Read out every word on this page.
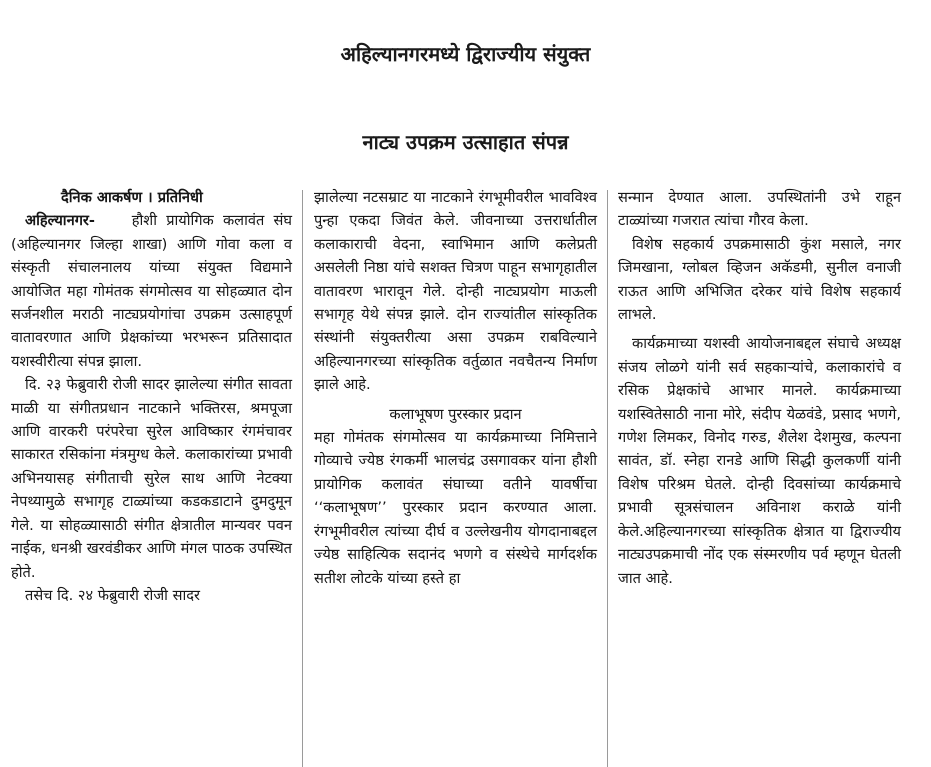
अहिल्यानगरमध्ये द्विराज्यीय संयुक्त
नाट्य उपक्रम उत्साहात संपन्न

दैनिक आकर्षण । प्रतिनिधी

अहिल्यानगर-	हौशी प्रायोगिक कलावंत संघ (अहिल्यानगर जिल्हा शाखा) आणि गोवा कला व संस्कृती संचालनालय यांच्या संयुक्त विद्यमाने आयोजित महा गोमंतक संगमोत्सव या सोहळ्यात दोन सर्जनशील मराठी नाट्यप्रयोगांचा उपक्रम उत्साहपूर्ण वातावरणात आणि प्रेक्षकांच्या भरभरून प्रतिसादात यशस्वीरीत्या संपन्न झाला.

दि. २३ फेब्रुवारी रोजी सादर झालेल्या संगीत सावता माळी या संगीतप्रधान नाटकाने भक्तिरस, श्रमपूजा आणि वारकरी परंपरेचा सुरेल आविष्कार रंगमंचावर साकारत रसिकांना मंत्रमुग्ध केले. कलाकारांच्या प्रभावी अभिनयासह संगीताची सुरेल साथ आणि नेटक्या नेपथ्यामुळे सभागृह टाळ्यांच्या कडकडाटाने दुमदुमून गेले. या सोहळ्यासाठी संगीत क्षेत्रातील मान्यवर पवन नाईक, धनश्री खरवंडीकर आणि मंगल पाठक उपस्थित होते.

तसेच दि. २४ फेब्रुवारी रोजी सादर

झालेल्या नटसम्राट या नाटकाने रंगभूमीवरील भावविश्व पुन्हा एकदा जिवंत केले. जीवनाच्या उत्तरार्धातील कलाकाराची वेदना, स्वाभिमान आणि कलेप्रती असलेली निष्ठा यांचे सशक्त चित्रण पाहून सभागृहातील वातावरण भारावून गेले. दोन्ही नाट्यप्रयोग माऊली सभागृह येथे संपन्न झाले. दोन राज्यांतील सांस्कृतिक संस्थांनी संयुक्तरीत्या असा उपक्रम राबविल्याने अहिल्यानगरच्या सांस्कृतिक वर्तुळात नवचैतन्य निर्माण झाले आहे.

कलाभूषण पुरस्कार प्रदान

महा गोमंतक संगमोत्सव या कार्यक्रमाच्या निमित्ताने गोव्याचे ज्येष्ठ रंगकर्मी भालचंद्र उसगावकर यांना हौशी प्रायोगिक कलावंत संघाच्या वतीने यावर्षीचा ‘‘कलाभूषण’’ पुरस्कार प्रदान करण्यात आला. रंगभूमीवरील त्यांच्या दीर्घ व उल्लेखनीय योगदानाबद्दल ज्येष्ठ साहित्यिक सदानंद भणगे व संस्थेचे मार्गदर्शक सतीश लोटके यांच्या हस्ते हा

सन्मान देण्यात आला. उपस्थितांनी उभे राहून टाळ्यांच्या गजरात त्यांचा गौरव केला.

विशेष सहकार्य उपक्रमासाठी कुंश मसाले, नगर जिमखाना, ग्लोबल व्हिजन अकॅडमी, सुनील वनाजी राऊत आणि अभिजित दरेकर यांचे विशेष सहकार्य लाभले.

कार्यक्रमाच्या यशस्वी आयोजनाबद्दल संघाचे अध्यक्ष संजय लोळगे यांनी सर्व सहकाऱ्यांचे, कलाकारांचे व रसिक प्रेक्षकांचे आभार मानले. कार्यक्रमाच्या यशस्वितेसाठी नाना मोरे, संदीप येळवंडे, प्रसाद भणगे, गणेश लिमकर, विनोद गरुड, शैलेश देशमुख, कल्पना सावंत, डॉ. स्नेहा रानडे आणि सिद्धी कुलकर्णी यांनी विशेष परिश्रम घेतले. दोन्ही दिवसांच्या कार्यक्रमाचे प्रभावी सूत्रसंचालन अविनाश कराळे यांनी केले.अहिल्यानगरच्या सांस्कृतिक क्षेत्रात या द्विराज्यीय नाट्यउपक्रमाची नोंद एक संस्मरणीय पर्व म्हणून घेतली जात आहे.
